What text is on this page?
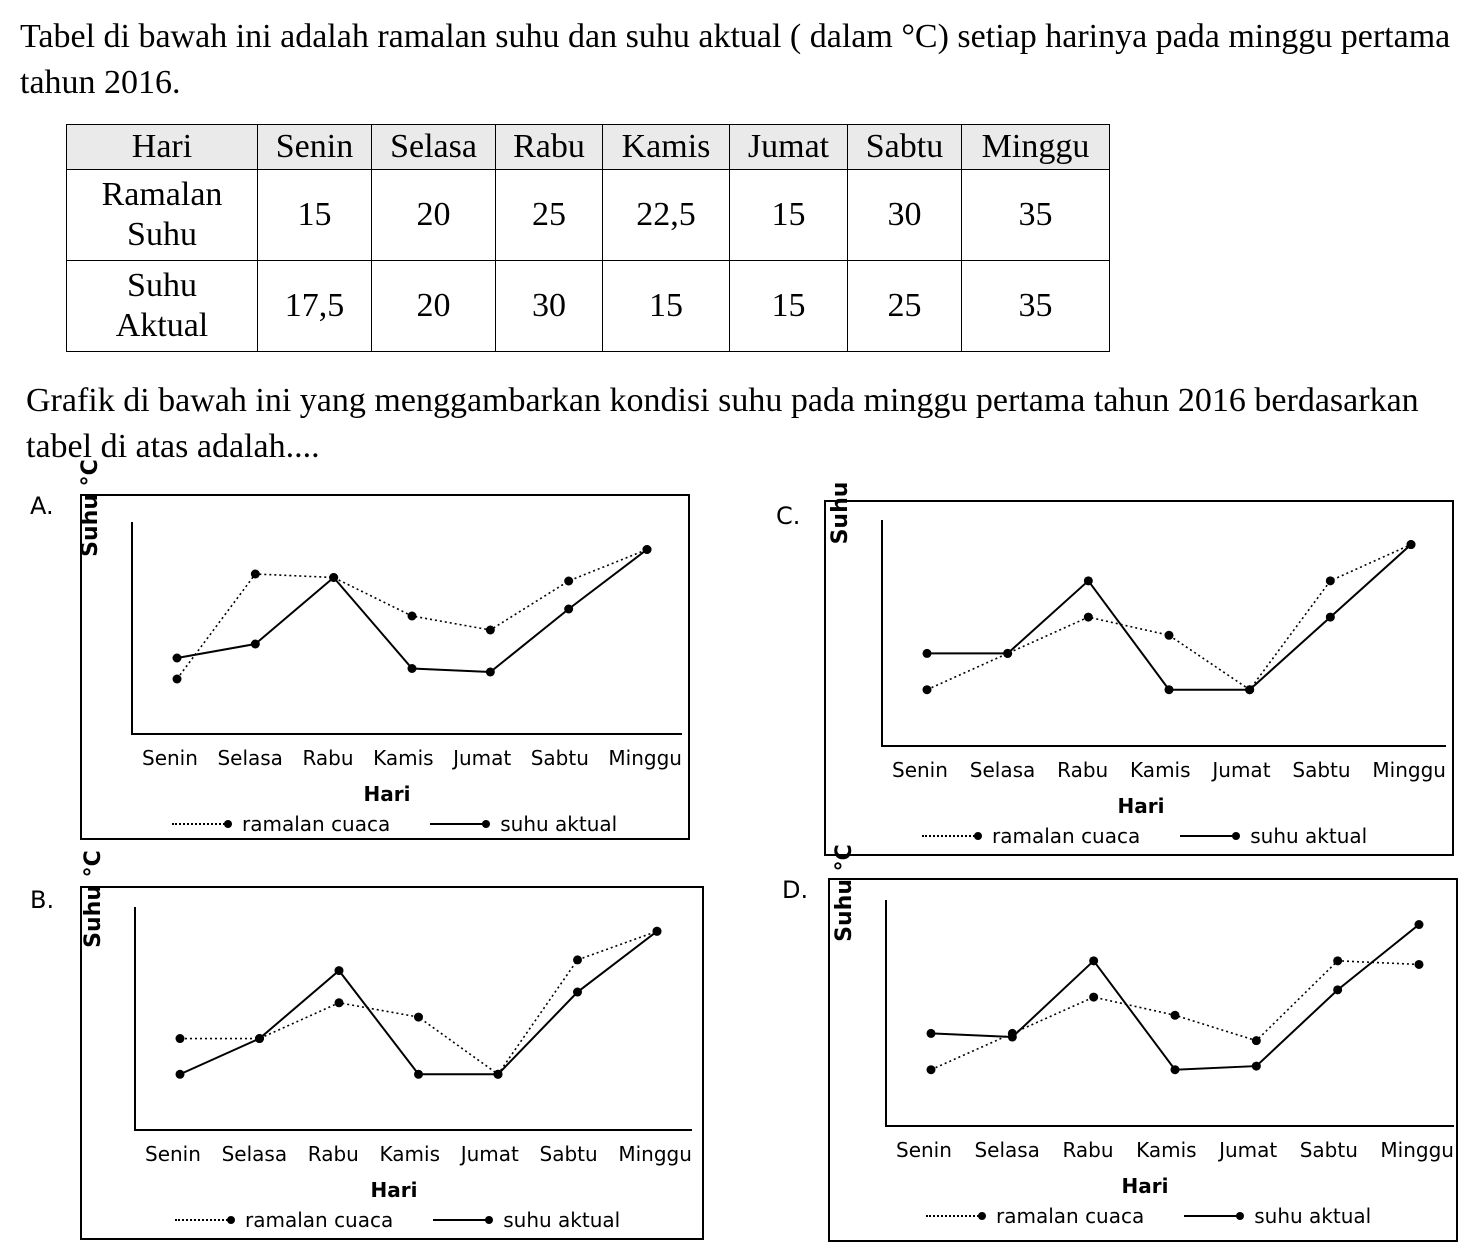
Tabel di bawah ini adalah ramalan suhu dan suhu aktual ( dalam °C) setiap harinya pada minggu pertama tahun 2016.
Hari	Senin	Selasa	Rabu	Kamis	Jumat	Sabtu	Minggu
Ramalan Suhu	15	20	25	22,5	15	30	35
Suhu Aktual	17,5	20	30	15	15	25	35
Grafik di bawah ini yang menggambarkan kondisi suhu pada minggu pertama tahun 2016 berdasarkan tabel di atas adalah....
A. Suhu °C
Senin Selasa Rabu Kamis Jumat Sabtu Minggu
Hari
ramalan cuaca	suhu aktual
B. Suhu °C
Senin Selasa Rabu Kamis Jumat Sabtu Minggu
Hari
ramalan cuaca	suhu aktual
C. Suhu
Senin Selasa Rabu Kamis Jumat Sabtu Minggu
Hari
ramalan cuaca	suhu aktual
D. Suhu °C
Senin Selasa Rabu Kamis Jumat Sabtu Minggu
Hari
ramalan cuaca	suhu aktual
